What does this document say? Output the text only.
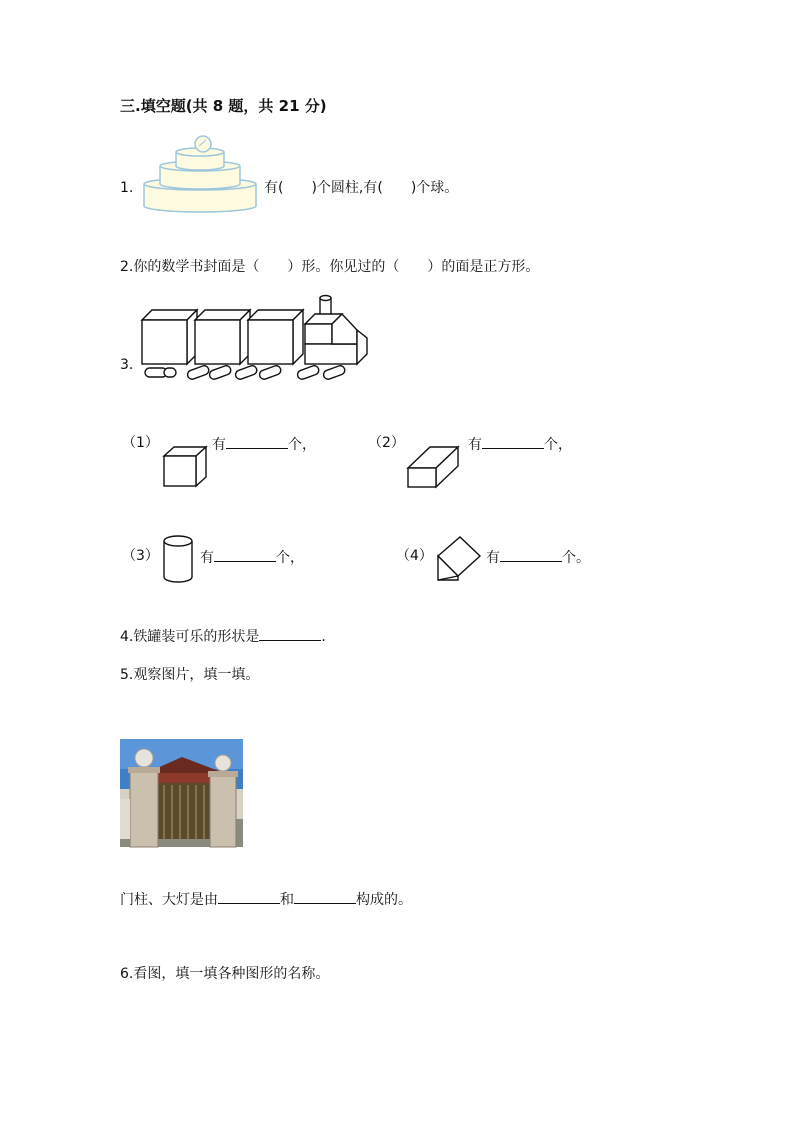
三.填空题(共 8 题，共 21 分)
1.	有(　　)个圆柱,有(　　)个球。
2.你的数学书封面是（　　）形。你见过的（　　）的面是正方形。
3.
（1）	有	个，	（2）	有	个，
（3）	有	个，	（4）	有	个。
4.铁罐装可乐的形状是	.
5.观察图片，填一填。
门柱、大灯是由	和	构成的。
6.看图，填一填各种图形的名称。
